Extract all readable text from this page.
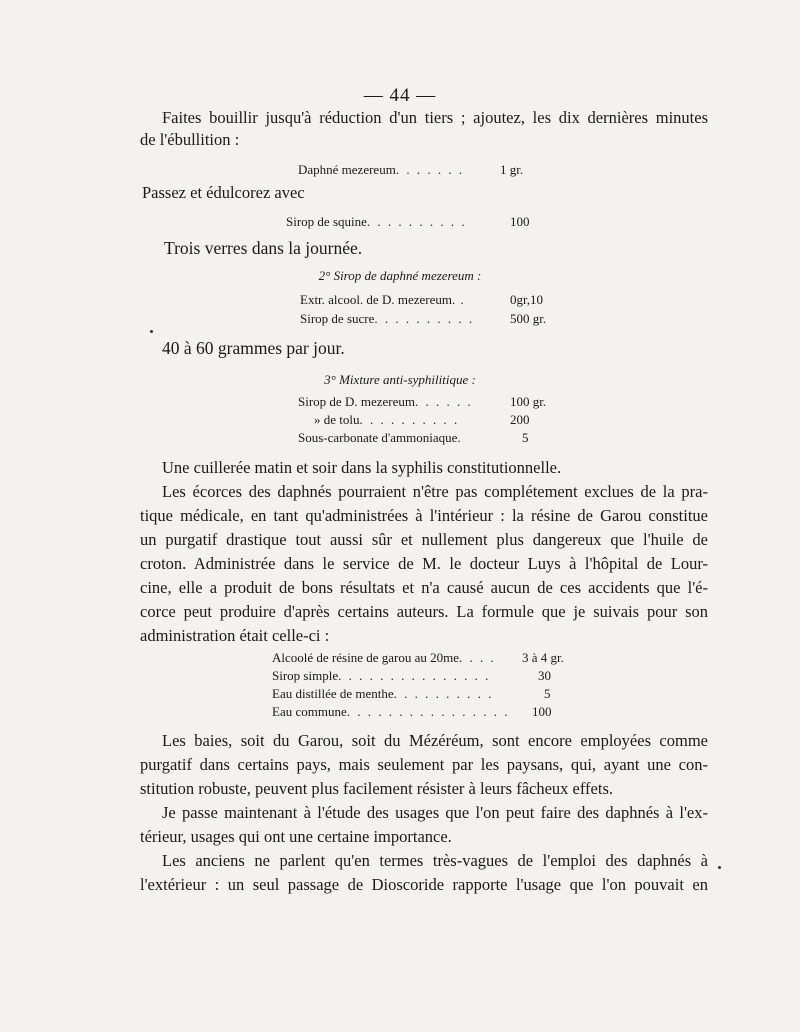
— 44 —
Faites bouillir jusqu'à réduction d'un tiers ; ajoutez, les dix dernières minutes
de l'ébullition :
Daphné mezereum. . . . . . .	1 gr.
Passez et édulcorez avec
Sirop de squine. . . . . . . . . .	100
Trois verres dans la journée.
2° Sirop de daphné mezereum :
Extr. alcool. de D. mezereum. .	0gr,10
Sirop de sucre. . . . . . . . . .	500 gr.
40 à 60 grammes par jour.
3° Mixture anti-syphilitique :
Sirop de D. mezereum. . . . . .	100 gr.
» de tolu. . . . . . . . . .	200
Sous-carbonate d'ammoniaque.	5
Une cuillerée matin et soir dans la syphilis constitutionnelle.
Les écorces des daphnés pourraient n'être pas complétement exclues de la pra-
tique médicale, en tant qu'administrées à l'intérieur : la résine de Garou constitue
un purgatif drastique tout aussi sûr et nullement plus dangereux que l'huile de
croton. Administrée dans le service de M. le docteur Luys à l'hôpital de Lour-
cine, elle a produit de bons résultats et n'a causé aucun de ces accidents que l'é-
corce peut produire d'après certains auteurs. La formule que je suivais pour son
administration était celle-ci :
Alcoolé de résine de garou au 20me. . . . 3 à 4 gr.
Sirop simple. . . . . . . . . . . . . . .	30
Eau distillée de menthe. . . . . . . . . .	5
Eau commune. . . . . . . . . . . . . . . . 100
Les baies, soit du Garou, soit du Mézéréum, sont encore employées comme
purgatif dans certains pays, mais seulement par les paysans, qui, ayant une con-
stitution robuste, peuvent plus facilement résister à leurs fâcheux effets.
Je passe maintenant à l'étude des usages que l'on peut faire des daphnés à l'ex-
térieur, usages qui ont une certaine importance.
Les anciens ne parlent qu'en termes très-vagues de l'emploi des daphnés à
l'extérieur : un seul passage de Dioscoride rapporte l'usage que l'on pouvait en
